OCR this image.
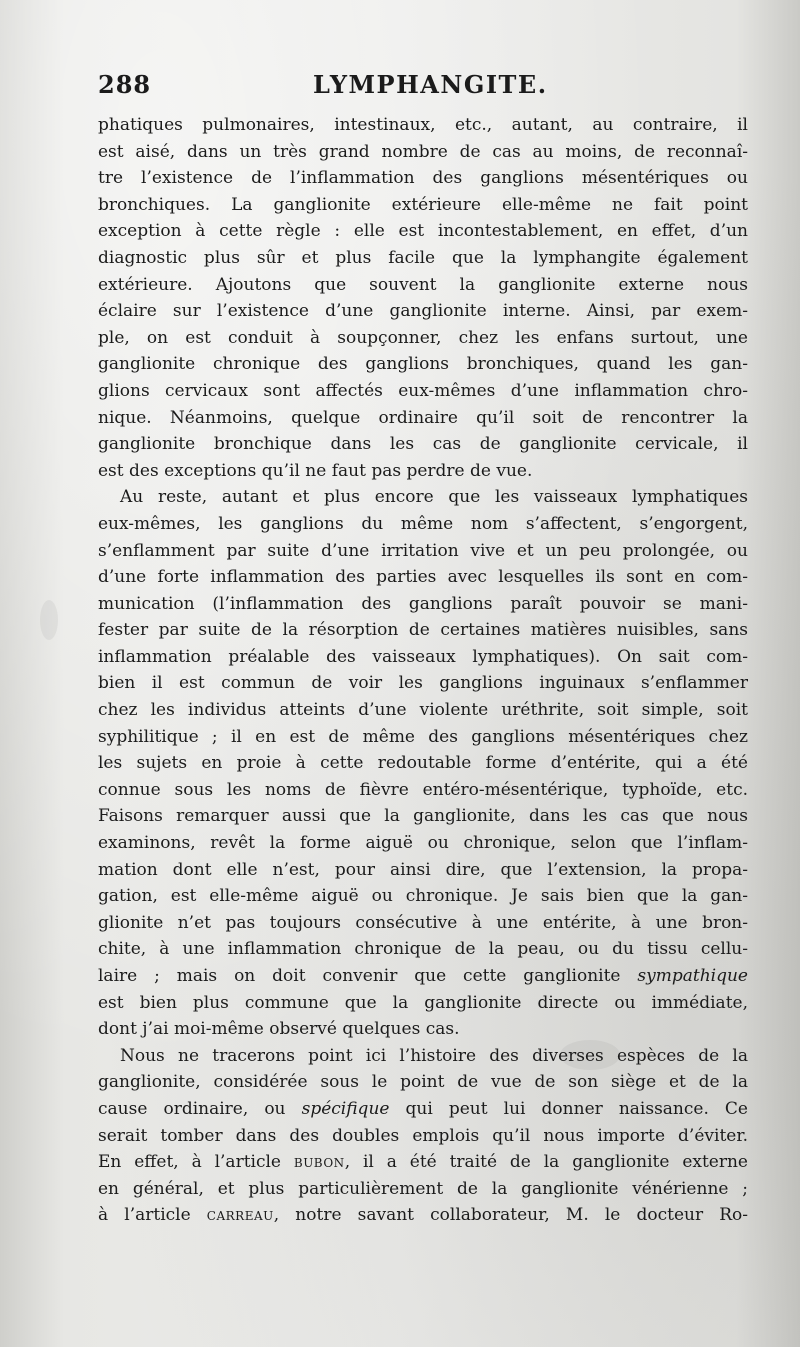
288	LYMPHANGITE.
phatiques pulmonaires, intestinaux, etc., autant, au contraire, il
est aisé, dans un très grand nombre de cas au moins, de reconnaî-
tre l’existence de l’inflammation des ganglions mésentériques ou
bronchiques. La ganglionite extérieure elle-même ne fait point
exception à cette règle : elle est incontestablement, en effet, d’un
diagnostic plus sûr et plus facile que la lymphangite également
extérieure. Ajoutons que souvent la ganglionite externe nous
éclaire sur l’existence d’une ganglionite interne. Ainsi, par exem-
ple, on est conduit à soupçonner, chez les enfans surtout, une
ganglionite chronique des ganglions bronchiques, quand les gan-
glions cervicaux sont affectés eux-mêmes d’une inflammation chro-
nique. Néanmoins, quelque ordinaire qu’il soit de rencontrer la
ganglionite bronchique dans les cas de ganglionite cervicale, il
est des exceptions qu’il ne faut pas perdre de vue.
Au reste, autant et plus encore que les vaisseaux lymphatiques
eux-mêmes, les ganglions du même nom s’affectent, s’engorgent,
s’enflamment par suite d’une irritation vive et un peu prolongée, ou
d’une forte inflammation des parties avec lesquelles ils sont en com-
munication (l’inflammation des ganglions paraît pouvoir se mani-
fester par suite de la résorption de certaines matières nuisibles, sans
inflammation préalable des vaisseaux lymphatiques). On sait com-
bien il est commun de voir les ganglions inguinaux s’enflammer
chez les individus atteints d’une violente uréthrite, soit simple, soit
syphilitique ; il en est de même des ganglions mésentériques chez
les sujets en proie à cette redoutable forme d’entérite, qui a été
connue sous les noms de fièvre entéro-mésentérique, typhoïde, etc.
Faisons remarquer aussi que la ganglionite, dans les cas que nous
examinons, revêt la forme aiguë ou chronique, selon que l’inflam-
mation dont elle n’est, pour ainsi dire, que l’extension, la propa-
gation, est elle-même aiguë ou chronique. Je sais bien que la gan-
glionite n’et pas toujours consécutive à une entérite, à une bron-
chite, à une inflammation chronique de la peau, ou du tissu cellu-
laire ; mais on doit convenir que cette ganglionite sympathique
est bien plus commune que la ganglionite directe ou immédiate,
dont j’ai moi-même observé quelques cas.
Nous ne tracerons point ici l’histoire des diverses espèces de la
ganglionite, considérée sous le point de vue de son siège et de la
cause ordinaire, ou spécifique qui peut lui donner naissance. Ce
serait tomber dans des doubles emplois qu’il nous importe d’éviter.
En effet, à l’article bubon, il a été traité de la ganglionite externe
en général, et plus particulièrement de la ganglionite vénérienne ;
à l’article carreau, notre savant collaborateur, M. le docteur Ro-
